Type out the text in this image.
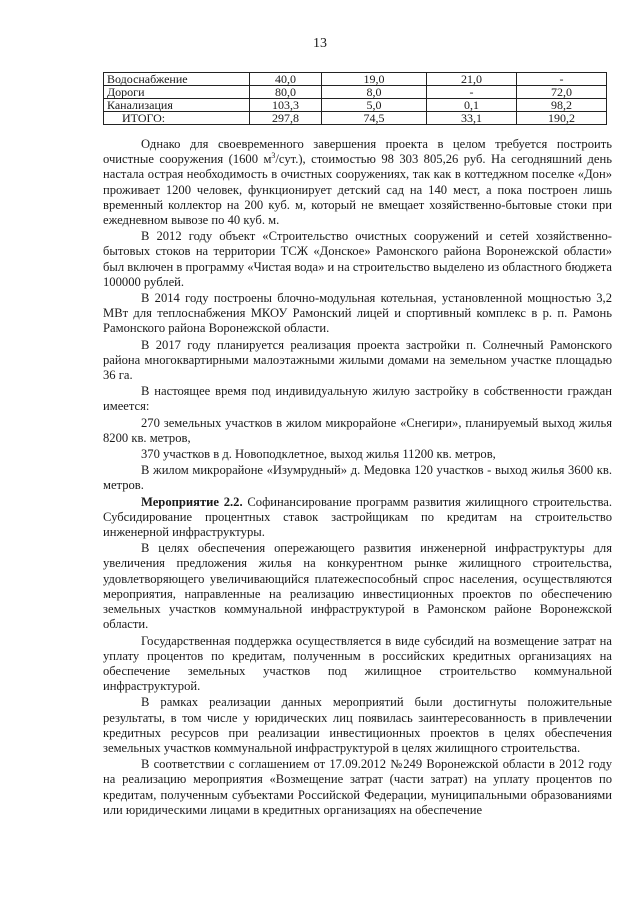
13
Водоснабжение	40,0	19,0	21,0	-
Дороги	80,0	8,0	-	72,0
Канализация	103,3	5,0	0,1	98,2
ИТОГО:	297,8	74,5	33,1	190,2

Однако для своевременного завершения проекта в целом требуется построить очистные сооружения (1600 $м^3/сут$.), стоимостью 98 303 805,26 руб. На сегодняшний день настала острая необходимость в очистных сооружениях, так как в коттеджном поселке «Дон» проживает 1200 человек, функционирует детский сад на 140 мест, а пока построен лишь временный коллектор на 200 куб. м, который не вмещает хозяйственно-бытовые стоки при ежедневном вывозе по 40 куб. м.

В 2012 году объект «Строительство очистных сооружений и сетей хозяйственно-бытовых стоков на территории ТСЖ «Донское» Рамонского района Воронежской области» был включен в программу «Чистая вода» и на строительство выделено из областного бюджета 100000 рублей.

В 2014 году построены блочно-модульная котельная, установленной мощностью 3,2 МВт для теплоснабжения МКОУ Рамонский лицей и спортивный комплекс в р. п. Рамонь Рамонского района Воронежской области.

В 2017 году планируется реализация проекта застройки п. Солнечный Рамонского района многоквартирными малоэтажными жилыми домами на земельном участке площадью 36 га.

В настоящее время под индивидуальную жилую застройку в собственности граждан имеется:

270 земельных участков в жилом микрорайоне «Снегири», планируемый выход жилья 8200 кв. метров,

370 участков в д. Новоподклетное, выход жилья 11200 кв. метров,

В жилом микрорайоне «Изумрудный» д. Медовка 120 участков - выход жилья 3600 кв. метров.

Мероприятие 2.2. Софинансирование программ развития жилищного строительства. Субсидирование процентных ставок застройщикам по кредитам на строительство инженерной инфраструктуры.

В целях обеспечения опережающего развития инженерной инфраструктуры для увеличения предложения жилья на конкурентном рынке жилищного строительства, удовлетворяющего увеличивающийся платежеспособный спрос населения, осуществляются мероприятия, направленные на реализацию инвестиционных проектов по обеспечению земельных участков коммунальной инфраструктурой в Рамонском районе Воронежской области.

Государственная поддержка осуществляется в виде субсидий на возмещение затрат на уплату процентов по кредитам, полученным в российских кредитных организациях на обеспечение земельных участков под жилищное строительство коммунальной инфраструктурой.

В рамках реализации данных мероприятий были достигнуты положительные результаты, в том числе у юридических лиц появилась заинтересованность в привлечении кредитных ресурсов при реализации инвестиционных проектов в целях обеспечения земельных участков коммунальной инфраструктурой в целях жилищного строительства.

В соответствии с соглашением от 17.09.2012 №249 Воронежской области в 2012 году на реализацию мероприятия «Возмещение затрат (части затрат) на уплату процентов по кредитам, полученным субъектами Российской Федерации, муниципальными образованиями или юридическими лицами в кредитных организациях на обеспечение
